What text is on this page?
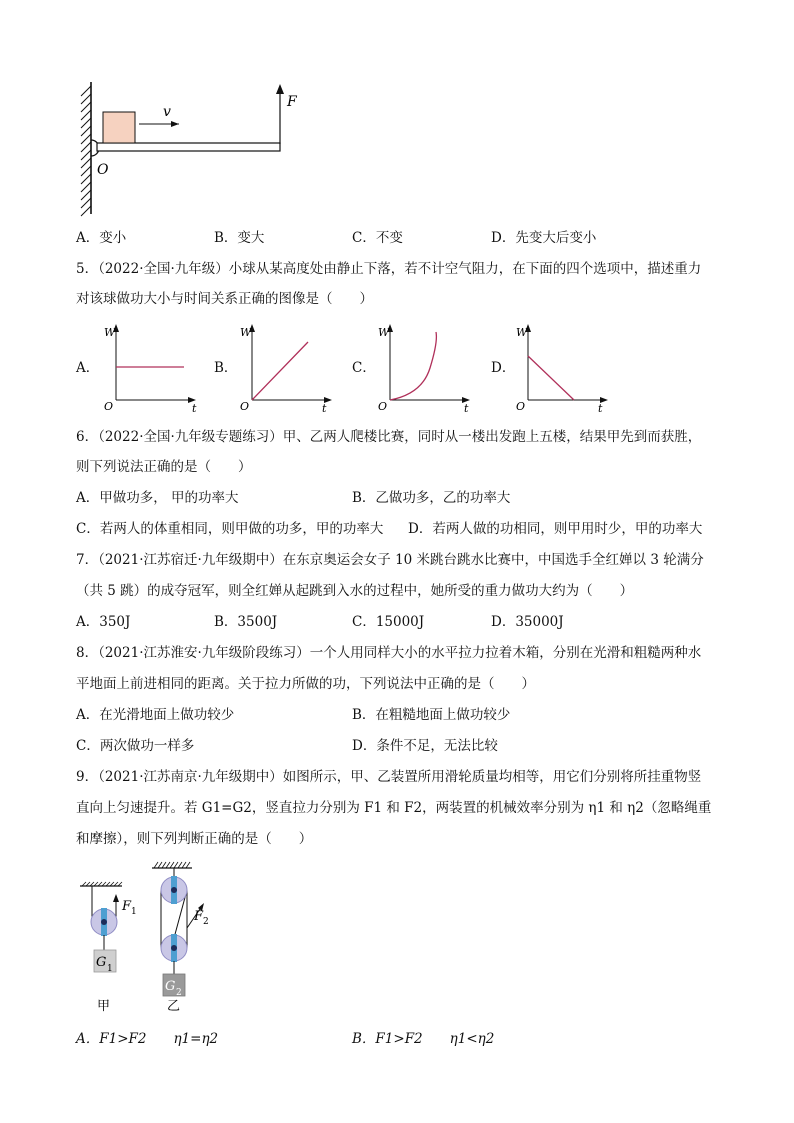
v
F
O
A．变小	B．变大	C．不变	D．先变大后变小
5．（2022·全国·九年级）小球从某高度处由静止下落，若不计空气阻力，在下面的四个选项中，描述重力
对该球做功大小与时间关系正确的图像是（　　）
A．
W
t
O
B．
W
t
O
C．
W
t
O
D．
W
t
O
6．（2022·全国·九年级专题练习）甲、乙两人爬楼比赛，同时从一楼出发跑上五楼，结果甲先到而获胜，
则下列说法正确的是（　　）
A．甲做功多， 甲的功率大	B．乙做功多，乙的功率大
C．若两人的体重相同，则甲做的功多，甲的功率大 D．若两人做的功相同，则甲用时少，甲的功率大
7．（2021·江苏宿迁·九年级期中）在东京奥运会女子 10 米跳台跳水比赛中，中国选手全红婵以 3 轮满分
（共 5 跳）的成夺冠军，则全红婵从起跳到入水的过程中，她所受的重力做功大约为（　　）
A．350J	B．3500J	C．15000J	D．35000J
8．（2021·江苏淮安·九年级阶段练习）一个人用同样大小的水平拉力拉着木箱，分别在光滑和粗糙两种水
平地面上前进相同的距离。关于拉力所做的功，下列说法中正确的是（　　）
A．在光滑地面上做功较少	B．在粗糙地面上做功较少
C．两次做功一样多	D．条件不足，无法比较
9．（2021·江苏南京·九年级期中）如图所示，甲、乙装置所用滑轮质量均相等，用它们分别将所挂重物竖
直向上匀速提升。若 G1=G2，竖直拉力分别为 F1 和 F2，两装置的机械效率分别为 η1 和 η2（忽略绳重
和摩擦），则下列判断正确的是（　　）
G 1
F 1
甲
G 2
F 2
乙
A．F1>F2　　η1=η2	B．F1>F2　　η1<η2
